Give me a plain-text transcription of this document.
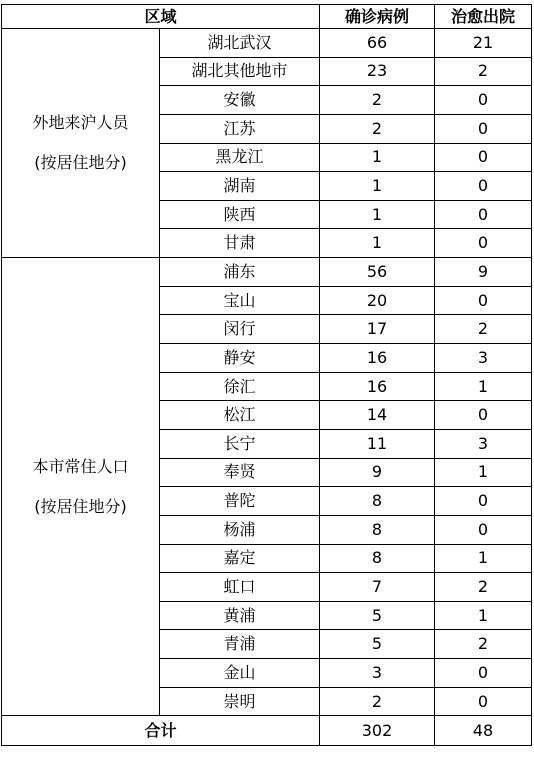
区域		确诊病例	治愈出院

外地来沪人员
(按居住地分)	湖北武汉	66	21
	湖北其他地市	23	2
	安徽	2	0
	江苏	2	0
	黑龙江	1	0
	湖南	1	0
	陕西	1	0
	甘肃	1	0

本市常住人口
(按居住地分)	浦东	56	9
	宝山	20	0
	闵行	17	2
	静安	16	3
	徐汇	16	1
	松江	14	0
	长宁	11	3
	奉贤	9	1
	普陀	8	0
	杨浦	8	0
	嘉定	8	1
	虹口	7	2
	黄浦	5	1
	青浦	5	2
	金山	3	0
	崇明	2	0
合计		302	48
